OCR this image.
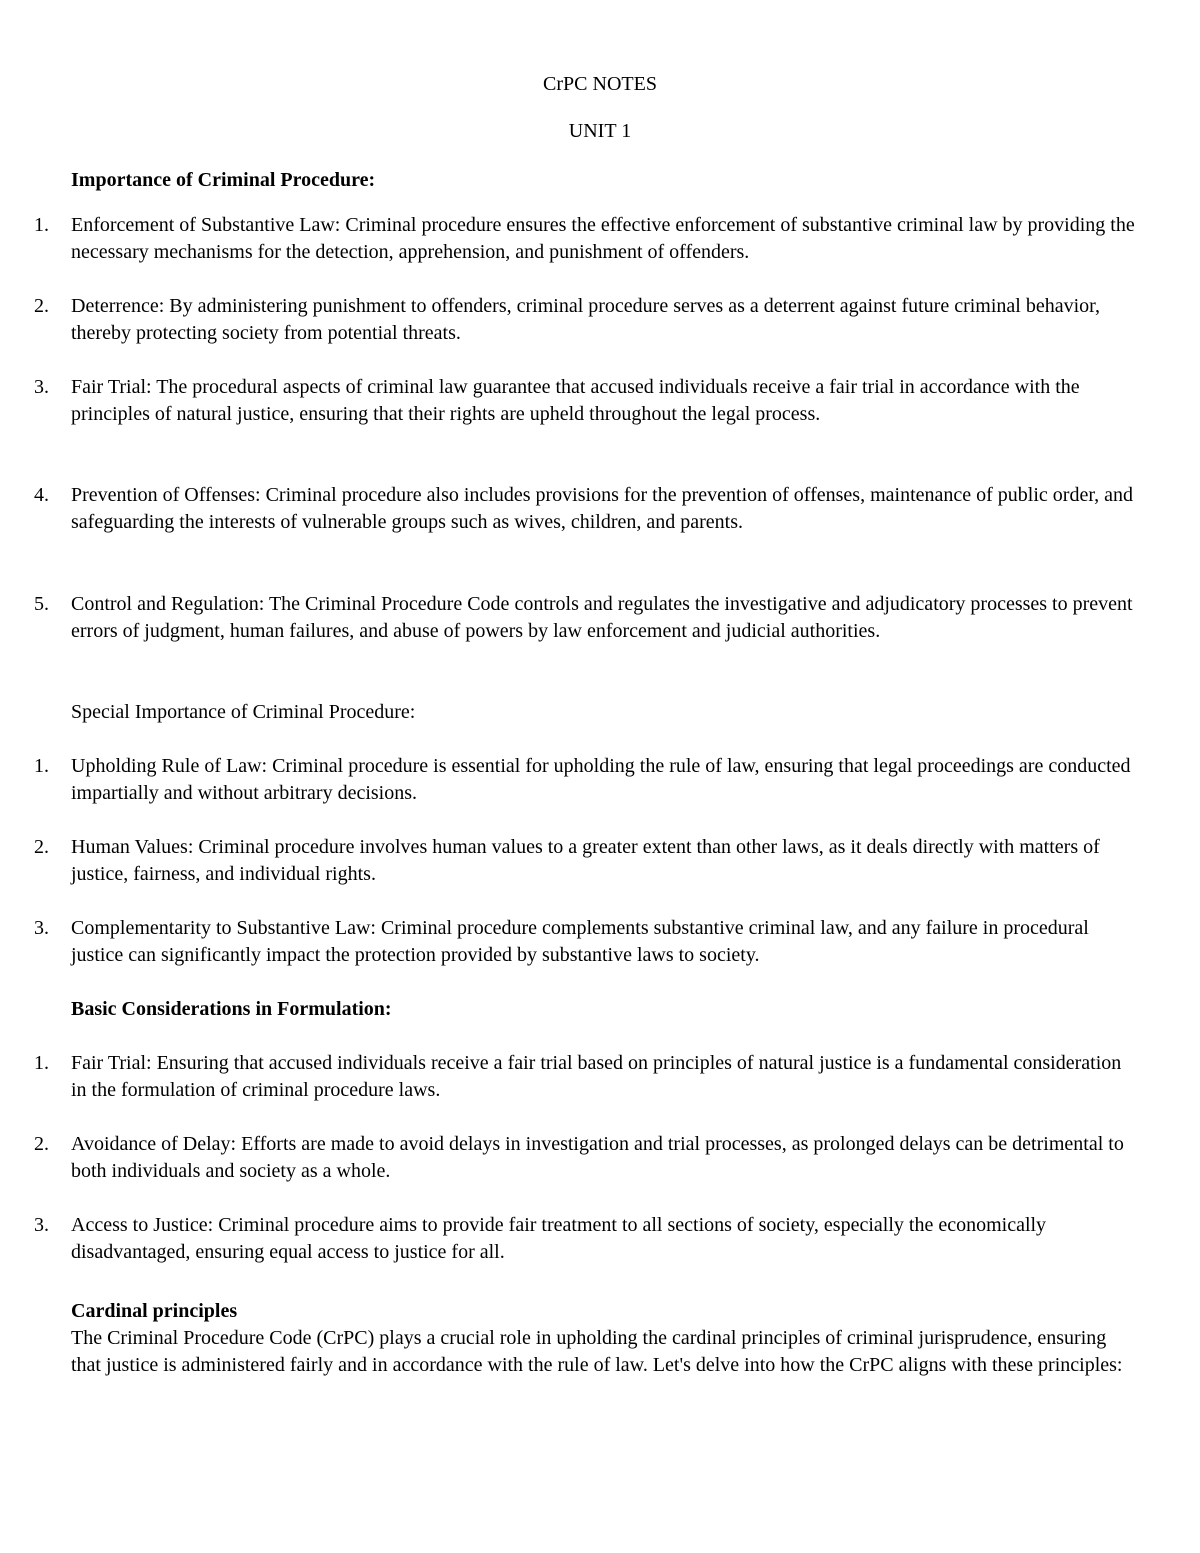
CrPC NOTES
UNIT 1
Importance of Criminal Procedure:
1.	Enforcement of Substantive Law: Criminal procedure ensures the effective enforcement of substantive criminal law by providing the necessary mechanisms for the detection, apprehension, and punishment of offenders.
2.	Deterrence: By administering punishment to offenders, criminal procedure serves as a deterrent against future criminal behavior, thereby protecting society from potential threats.
3.	Fair Trial: The procedural aspects of criminal law guarantee that accused individuals receive a fair trial in accordance with the principles of natural justice, ensuring that their rights are upheld throughout the legal process.
4.	Prevention of Offenses: Criminal procedure also includes provisions for the prevention of offenses, maintenance of public order, and safeguarding the interests of vulnerable groups such as wives, children, and parents.
5.	Control and Regulation: The Criminal Procedure Code controls and regulates the investigative and adjudicatory processes to prevent errors of judgment, human failures, and abuse of powers by law enforcement and judicial authorities.
Special Importance of Criminal Procedure:
1.	Upholding Rule of Law: Criminal procedure is essential for upholding the rule of law, ensuring that legal proceedings are conducted impartially and without arbitrary decisions.
2.	Human Values: Criminal procedure involves human values to a greater extent than other laws, as it deals directly with matters of justice, fairness, and individual rights.
3.	Complementarity to Substantive Law: Criminal procedure complements substantive criminal law, and any failure in procedural justice can significantly impact the protection provided by substantive laws to society.
Basic Considerations in Formulation:
1.	Fair Trial: Ensuring that accused individuals receive a fair trial based on principles of natural justice is a fundamental consideration in the formulation of criminal procedure laws.
2.	Avoidance of Delay: Efforts are made to avoid delays in investigation and trial processes, as prolonged delays can be detrimental to both individuals and society as a whole.
3.	Access to Justice: Criminal procedure aims to provide fair treatment to all sections of society, especially the economically disadvantaged, ensuring equal access to justice for all.
Cardinal principles
The Criminal Procedure Code (CrPC) plays a crucial role in upholding the cardinal principles of criminal jurisprudence, ensuring that justice is administered fairly and in accordance with the rule of law. Let's delve into how the CrPC aligns with these principles:
